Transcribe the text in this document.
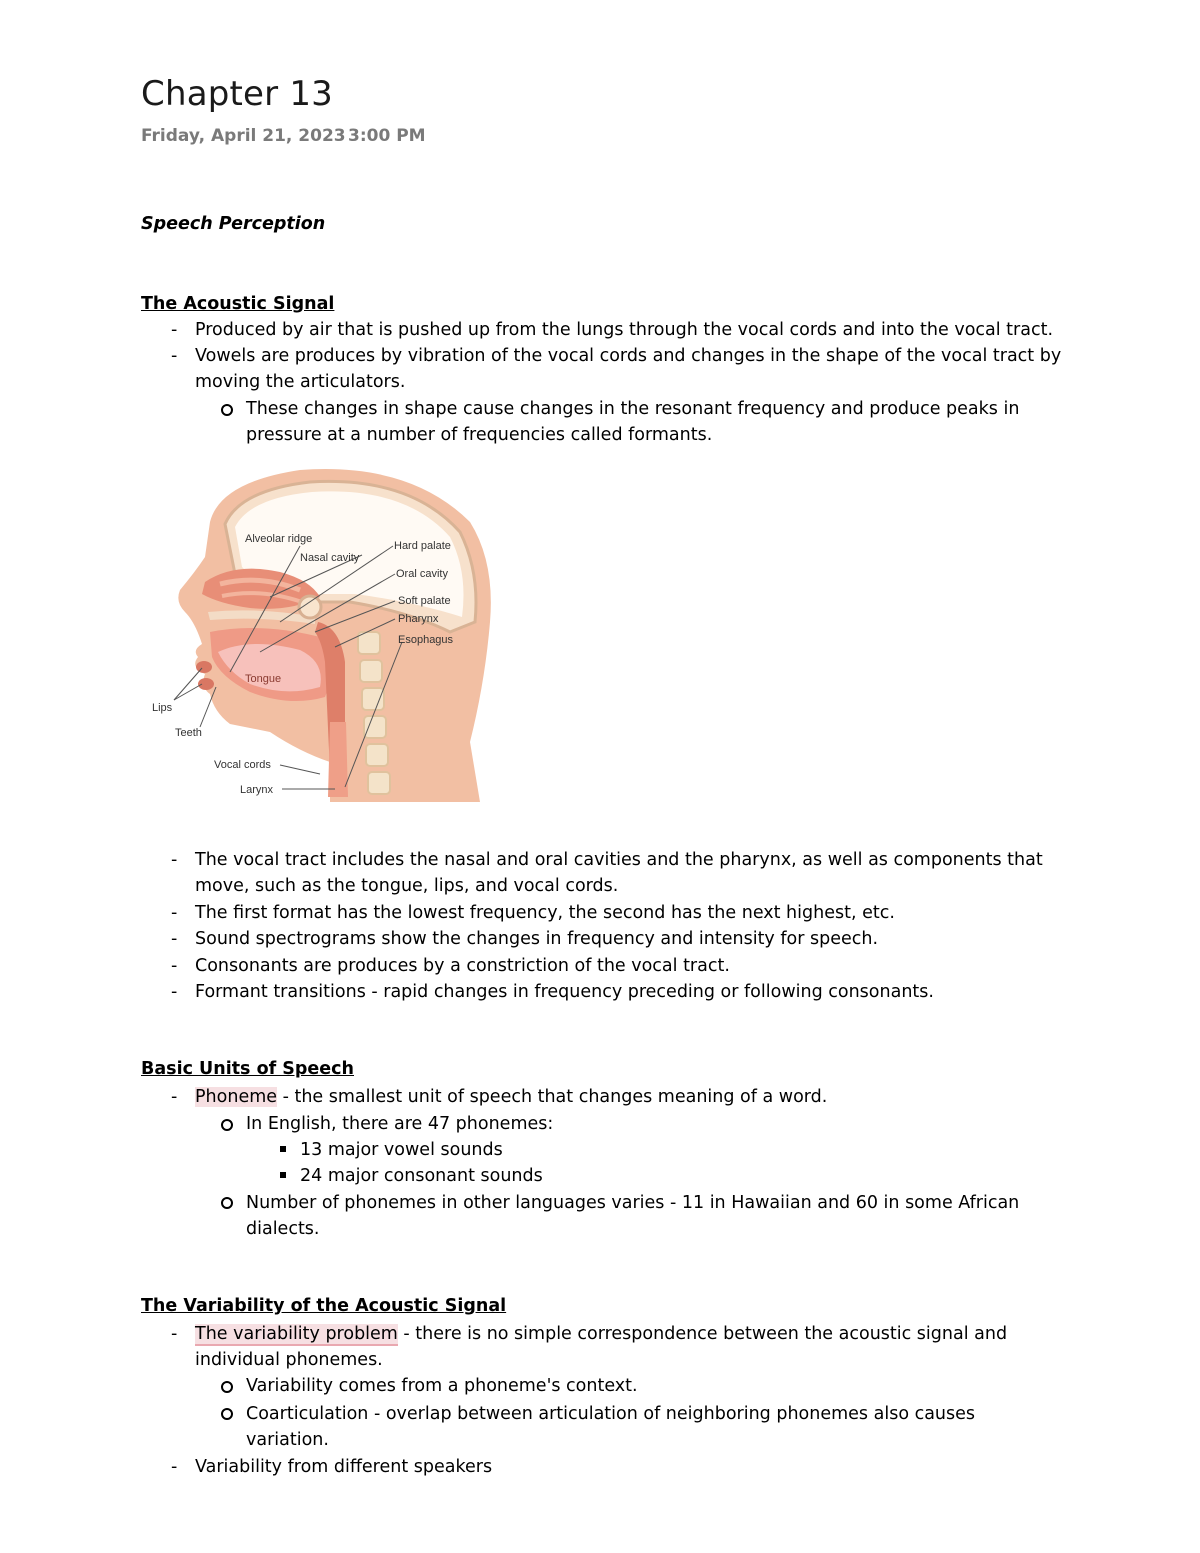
Chapter 13
Friday, April 21, 2023 3:00 PM
Speech Perception
The Acoustic Signal
- Produced by air that is pushed up from the lungs through the vocal cords and into the vocal tract.
- Vowels are produces by vibration of the vocal cords and changes in the shape of the vocal tract by
moving the articulators.
These changes in shape cause changes in the resonant frequency and produce peaks in
pressure at a number of frequencies called formants.
Alveolar ridge
Nasal cavity
Hard palate
Oral cavity
Soft palate
Pharynx
Esophagus
Tongue
Lips
Teeth
Vocal cords
Larynx
- The vocal tract includes the nasal and oral cavities and the pharynx, as well as components that
move, such as the tongue, lips, and vocal cords.
- The first format has the lowest frequency, the second has the next highest, etc.
- Sound spectrograms show the changes in frequency and intensity for speech.
- Consonants are produces by a constriction of the vocal tract.
- Formant transitions - rapid changes in frequency preceding or following consonants.
Basic Units of Speech
- Phoneme - the smallest unit of speech that changes meaning of a word.
In English, there are 47 phonemes:
13 major vowel sounds
24 major consonant sounds
Number of phonemes in other languages varies - 11 in Hawaiian and 60 in some African
dialects.
The Variability of the Acoustic Signal
- The variability problem - there is no simple correspondence between the acoustic signal and
individual phonemes.
Variability comes from a phoneme's context.
Coarticulation - overlap between articulation of neighboring phonemes also causes
variation.
- Variability from different speakers
